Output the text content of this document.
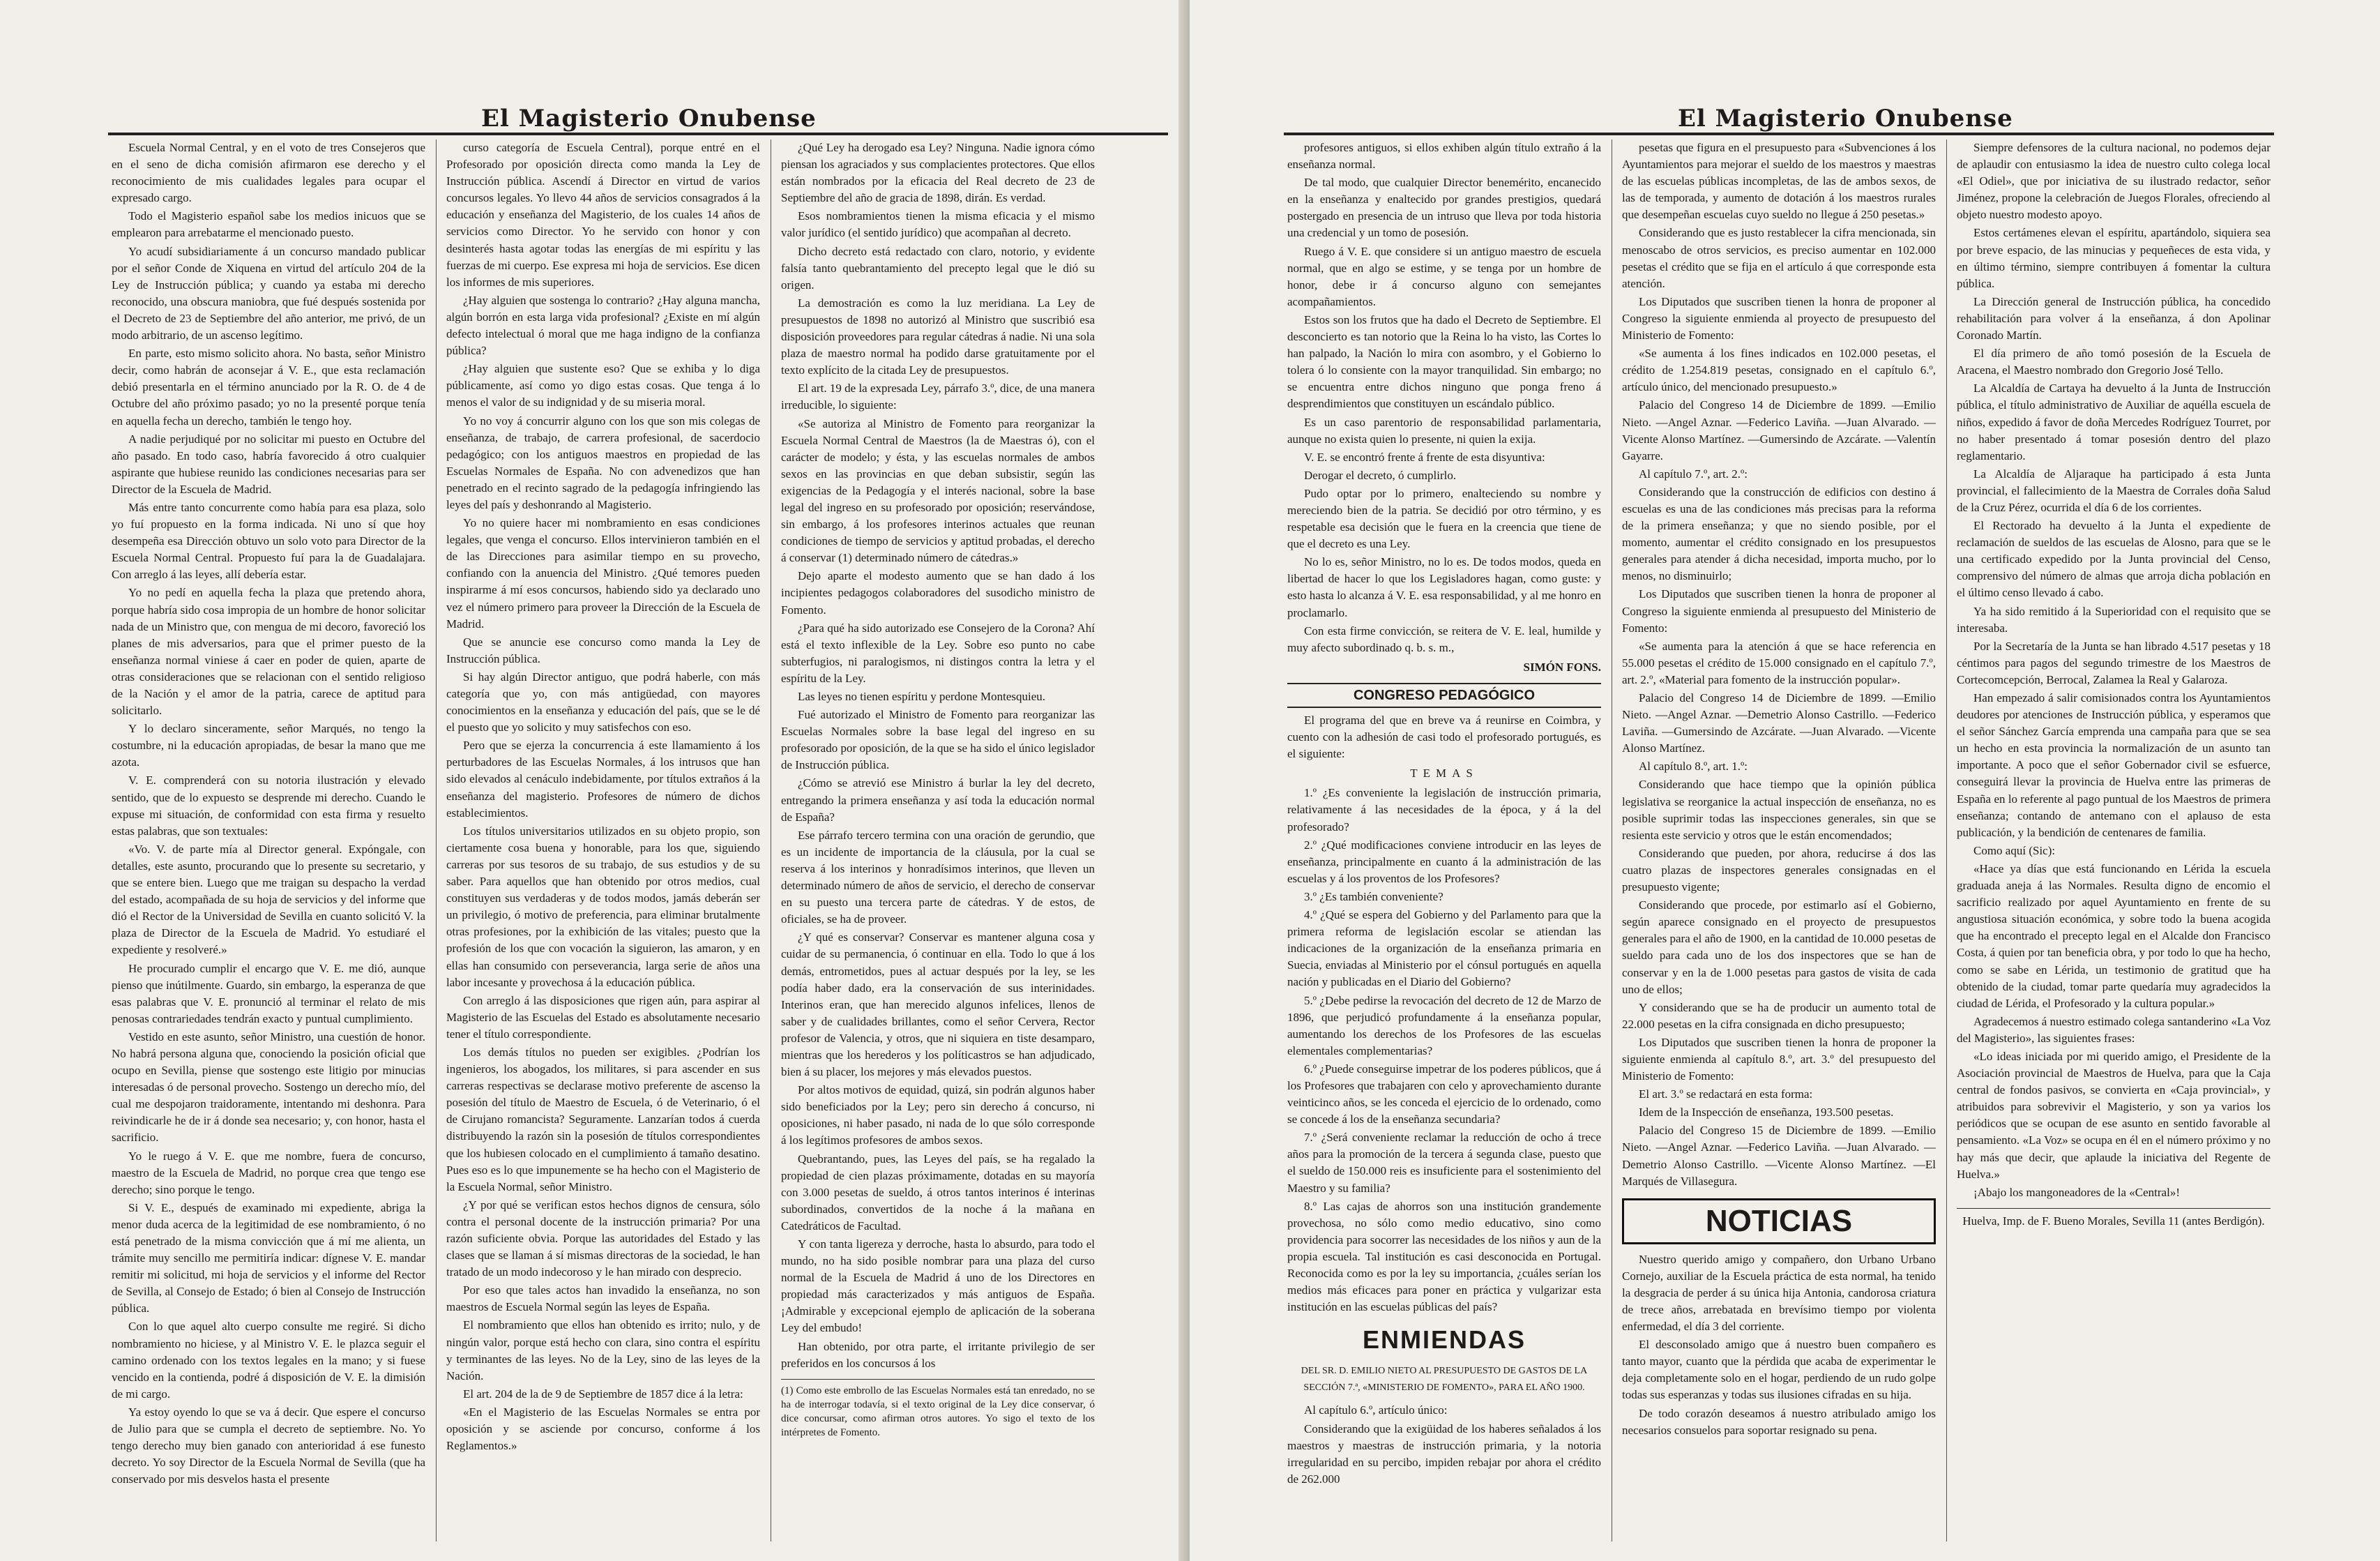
El Magisterio Onubense

Escuela Normal Central, y en el voto de tres Consejeros que en el seno de dicha comisión afirmaron ese derecho y el reconocimiento de mis cualidades legales para ocupar el expresado cargo.

Todo el Magisterio español sabe los medios inicuos que se emplearon para arrebatarme el mencionado puesto.

Yo acudí subsidiariamente á un concurso mandado publicar por el señor Conde de Xiquena en virtud del artículo 204 de la Ley de Instrucción pública; y cuando ya estaba mi derecho reconocido, una obscura maniobra, que fué después sostenida por el Decreto de 23 de Septiembre del año anterior, me privó, de un modo arbitrario, de un ascenso legítimo.

En parte, esto mismo solicito ahora. No basta, señor Ministro decir, como habrán de aconsejar á V. E., que esta reclamación debió presentarla en el término anunciado por la R. O. de 4 de Octubre del año próximo pasado; yo no la presenté porque tenía en aquella fecha un derecho, también le tengo hoy.

A nadie perjudiqué por no solicitar mi puesto en Octubre del año pasado. En todo caso, habría favorecido á otro cualquier aspirante que hubiese reunido las condiciones necesarias para ser Director de la Escuela de Madrid.

Más entre tanto concurrente como había para esa plaza, solo yo fuí propuesto en la forma indicada. Ni uno sí que hoy desempeña esa Dirección obtuvo un solo voto para Director de la Escuela Normal Central. Propuesto fuí para la de Guadalajara. Con arreglo á las leyes, allí debería estar.

Yo no pedí en aquella fecha la plaza que pretendo ahora, porque habría sido cosa impropia de un hombre de honor solicitar nada de un Ministro que, con mengua de mi decoro, favoreció los planes de mis adversarios, para que el primer puesto de la enseñanza normal viniese á caer en poder de quien, aparte de otras consideraciones que se relacionan con el sentido religioso de la Nación y el amor de la patria, carece de aptitud para solicitarlo.

Y lo declaro sinceramente, señor Marqués, no tengo la costumbre, ni la educación apropiadas, de besar la mano que me azota.

V. E. comprenderá con su notoria ilustración y elevado sentido, que de lo expuesto se desprende mi derecho. Cuando le expuse mi situación, de conformidad con esta firma y resuelto estas palabras, que son textuales:

«Vo. V. de parte mía al Director general. Expóngale, con detalles, este asunto, procurando que lo presente su secretario, y que se entere bien. Luego que me traigan su despacho la verdad del estado, acompañada de su hoja de servicios y del informe que dió el Rector de la Universidad de Sevilla en cuanto solicitó V. la plaza de Director de la Escuela de Madrid. Yo estudiaré el expediente y resolveré.»

He procurado cumplir el encargo que V. E. me dió, aunque pienso que inútilmente. Guardo, sin embargo, la esperanza de que esas palabras que V. E. pronunció al terminar el relato de mis penosas contrariedades tendrán exacto y puntual cumplimiento.

Vestido en este asunto, señor Ministro, una cuestión de honor. No habrá persona alguna que, conociendo la posición oficial que ocupo en Sevilla, piense que sostengo este litigio por minucias interesadas ó de personal provecho. Sostengo un derecho mío, del cual me despojaron traidoramente, intentando mi deshonra. Para reivindicarle he de ir á donde sea necesario; y, con honor, hasta el sacrificio.

Yo le ruego á V. E. que me nombre, fuera de concurso, maestro de la Escuela de Madrid, no porque crea que tengo ese derecho; sino porque le tengo.

Si V. E., después de examinado mi expediente, abriga la menor duda acerca de la legitimidad de ese nombramiento, ó no está penetrado de la misma convicción que á mí me alienta, un trámite muy sencillo me permitiría indicar: dígnese V. E. mandar remitir mi solicitud, mi hoja de servicios y el informe del Rector de Sevilla, al Consejo de Estado; ó bien al Consejo de Instrucción pública.

Con lo que aquel alto cuerpo consulte me regiré. Si dicho nombramiento no hiciese, y al Ministro V. E. le plazca seguir el camino ordenado con los textos legales en la mano; y si fuese vencido en la contienda, podré á disposición de V. E. la dimisión de mi cargo.

Ya estoy oyendo lo que se va á decir. Que espere el concurso de Julio para que se cumpla el decreto de septiembre. No. Yo tengo derecho muy bien ganado con anterioridad á ese funesto decreto. Yo soy Director de la Escuela Normal de Sevilla (que ha conservado por mis desvelos hasta el presente

curso categoría de Escuela Central), porque entré en el Profesorado por oposición directa como manda la Ley de Instrucción pública. Ascendí á Director en virtud de varios concursos legales. Yo llevo 44 años de servicios consagrados á la educación y enseñanza del Magisterio, de los cuales 14 años de servicios como Director. Yo he servido con honor y con desinterés hasta agotar todas las energías de mi espíritu y las fuerzas de mi cuerpo. Ese expresa mi hoja de servicios. Ese dicen los informes de mis superiores.

¿Hay alguien que sostenga lo contrario? ¿Hay alguna mancha, algún borrón en esta larga vida profesional? ¿Existe en mí algún defecto intelectual ó moral que me haga indigno de la confianza pública?

¿Hay alguien que sustente eso? Que se exhiba y lo diga públicamente, así como yo digo estas cosas. Que tenga á lo menos el valor de su indignidad y de su miseria moral.

Yo no voy á concurrir alguno con los que son mis colegas de enseñanza, de trabajo, de carrera profesional, de sacerdocio pedagógico; con los antiguos maestros en propiedad de las Escuelas Normales de España. No con advenedizos que han penetrado en el recinto sagrado de la pedagogía infringiendo las leyes del país y deshonrando al Magisterio.

Yo no quiere hacer mi nombramiento en esas condiciones legales, que venga el concurso. Ellos intervinieron también en el de las Direcciones para asimilar tiempo en su provecho, confiando con la anuencia del Ministro. ¿Qué temores pueden inspirarme á mí esos concursos, habiendo sido ya declarado uno vez el número primero para proveer la Dirección de la Escuela de Madrid.

Que se anuncie ese concurso como manda la Ley de Instrucción pública.

Si hay algún Director antiguo, que podrá haberle, con más categoría que yo, con más antigüedad, con mayores conocimientos en la enseñanza y educación del país, que se le dé el puesto que yo solicito y muy satisfechos con eso.

Pero que se ejerza la concurrencia á este llamamiento á los perturbadores de las Escuelas Normales, á los intrusos que han sido elevados al cenáculo indebidamente, por títulos extraños á la enseñanza del magisterio. Profesores de número de dichos establecimientos.

Los títulos universitarios utilizados en su objeto propio, son ciertamente cosa buena y honorable, para los que, siguiendo carreras por sus tesoros de su trabajo, de sus estudios y de su saber. Para aquellos que han obtenido por otros medios, cual constituyen sus verdaderas y de todos modos, jamás deberán ser un privilegio, ó motivo de preferencia, para eliminar brutalmente otras profesiones, por la exhibición de las vitales; puesto que la profesión de los que con vocación la siguieron, las amaron, y en ellas han consumido con perseverancia, larga serie de años una labor incesante y provechosa á la educación pública.

Con arreglo á las disposiciones que rigen aún, para aspirar al Magisterio de las Escuelas del Estado es absolutamente necesario tener el título correspondiente.

Los demás títulos no pueden ser exigibles. ¿Podrían los ingenieros, los abogados, los militares, si para ascender en sus carreras respectivas se declarase motivo preferente de ascenso la posesión del título de Maestro de Escuela, ó de Veterinario, ó el de Cirujano romancista? Seguramente. Lanzarían todos á cuerda distribuyendo la razón sin la posesión de títulos correspondientes que los hubiesen colocado en el cumplimiento á tamaño desatino. Pues eso es lo que impunemente se ha hecho con el Magisterio de la Escuela Normal, señor Ministro.

¿Y por qué se verifican estos hechos dignos de censura, sólo contra el personal docente de la instrucción primaria? Por una razón suficiente obvia. Porque las autoridades del Estado y las clases que se llaman á sí mismas directoras de la sociedad, le han tratado de un modo indecoroso y le han mirado con desprecio.

Por eso que tales actos han invadido la enseñanza, no son maestros de Escuela Normal según las leyes de España.

El nombramiento que ellos han obtenido es irrito; nulo, y de ningún valor, porque está hecho con clara, sino contra el espíritu y terminantes de las leyes. No de la Ley, sino de las leyes de la Nación.

El art. 204 de la de 9 de Septiembre de 1857 dice á la letra:

«En el Magisterio de las Escuelas Normales se entra por oposición y se asciende por concurso, conforme á los Reglamentos.»

¿Qué Ley ha derogado esa Ley? Ninguna. Nadie ignora cómo piensan los agraciados y sus complacientes protectores. Que ellos están nombrados por la eficacia del Real decreto de 23 de Septiembre del año de gracia de 1898, dirán. Es verdad.

Esos nombramientos tienen la misma eficacia y el mismo valor jurídico (el sentido jurídico) que acompañan al decreto.

Dicho decreto está redactado con claro, notorio, y evidente falsía tanto quebrantamiento del precepto legal que le dió su origen.

La demostración es como la luz meridiana. La Ley de presupuestos de 1898 no autorizó al Ministro que suscribió esa disposición proveedores para regular cátedras á nadie. Ni una sola plaza de maestro normal ha podido darse gratuitamente por el texto explícito de la citada Ley de presupuestos.

El art. 19 de la expresada Ley, párrafo 3.º, dice, de una manera irreducible, lo siguiente:

«Se autoriza al Ministro de Fomento para reorganizar la Escuela Normal Central de Maestros (la de Maestras ó), con el carácter de modelo; y ésta, y las escuelas normales de ambos sexos en las provincias en que deban subsistir, según las exigencias de la Pedagogía y el interés nacional, sobre la base legal del ingreso en su profesorado por oposición; reservándose, sin embargo, á los profesores interinos actuales que reunan condiciones de tiempo de servicios y aptitud probadas, el derecho á conservar (1) determinado número de cátedras.»

Dejo aparte el modesto aumento que se han dado á los incipientes pedagogos colaboradores del susodicho ministro de Fomento.

¿Para qué ha sido autorizado ese Consejero de la Corona? Ahí está el texto inflexible de la Ley. Sobre eso punto no cabe subterfugios, ni paralogismos, ni distingos contra la letra y el espíritu de la Ley.

Las leyes no tienen espíritu y perdone Montesquieu.

Fué autorizado el Ministro de Fomento para reorganizar las Escuelas Normales sobre la base legal del ingreso en su profesorado por oposición, de la que se ha sido el único legislador de Instrucción pública.

¿Cómo se atrevió ese Ministro á burlar la ley del decreto, entregando la primera enseñanza y así toda la educación normal de España?

Ese párrafo tercero termina con una oración de gerundio, que es un incidente de importancia de la cláusula, por la cual se reserva á los interinos y honradísimos interinos, que lleven un determinado número de años de servicio, el derecho de conservar en su puesto una tercera parte de cátedras. Y de estos, de oficiales, se ha de proveer.

¿Y qué es conservar? Conservar es mantener alguna cosa y cuidar de su permanencia, ó continuar en ella. Todo lo que á los demás, entrometidos, pues al actuar después por la ley, se les podía haber dado, era la conservación de sus interinidades. Interinos eran, que han merecido algunos infelices, llenos de saber y de cualidades brillantes, como el señor Cervera, Rector profesor de Valencia, y otros, que ni siquiera en tiste desamparo, mientras que los herederos y los políticastros se han adjudicado, bien á su placer, los mejores y más elevados puestos.

Por altos motivos de equidad, quizá, sin podrán algunos haber sido beneficiados por la Ley; pero sin derecho á concurso, ni oposiciones, ni haber pasado, ni nada de lo que sólo corresponde á los legítimos profesores de ambos sexos.

Quebrantando, pues, las Leyes del país, se ha regalado la propiedad de cien plazas próximamente, dotadas en su mayoría con 3.000 pesetas de sueldo, á otros tantos interinos é interinas subordinados, convertidos de la noche á la mañana en Catedráticos de Facultad.

Y con tanta ligereza y derroche, hasta lo absurdo, para todo el mundo, no ha sido posible nombrar para una plaza del curso normal de la Escuela de Madrid á uno de los Directores en propiedad más caracterizados y más antiguos de España. ¡Admirable y excepcional ejemplo de aplicación de la soberana Ley del embudo!

Han obtenido, por otra parte, el irritante privilegio de ser preferidos en los concursos á los

(1) Como este embrollo de las Escuelas Normales está tan enredado, no se ha de interrogar todavía, si el texto original de la Ley dice conservar, ó dice concursar, como afirman otros autores. Yo sigo el texto de los intérpretes de Fomento.
El Magisterio Onubense

profesores antiguos, si ellos exhiben algún título extraño á la enseñanza normal.

De tal modo, que cualquier Director benemérito, encanecido en la enseñanza y enaltecido por grandes prestigios, quedará postergado en presencia de un intruso que lleva por toda historia una credencial y un tomo de posesión.

Ruego á V. E. que considere si un antiguo maestro de escuela normal, que en algo se estime, y se tenga por un hombre de honor, debe ir á concurso alguno con semejantes acompañamientos.

Estos son los frutos que ha dado el Decreto de Septiembre. El desconcierto es tan notorio que la Reina lo ha visto, las Cortes lo han palpado, la Nación lo mira con asombro, y el Gobierno lo tolera ó lo consiente con la mayor tranquilidad. Sin embargo; no se encuentra entre dichos ninguno que ponga freno á desprendimientos que constituyen un escándalo público.

Es un caso parentorio de responsabilidad parlamentaria, aunque no exista quien lo presente, ni quien la exija.

V. E. se encontró frente á frente de esta disyuntiva:

Derogar el decreto, ó cumplirlo.

Pudo optar por lo primero, enalteciendo su nombre y mereciendo bien de la patria. Se decidió por otro término, y es respetable esa decisión que le fuera en la creencia que tiene de que el decreto es una Ley.

No lo es, señor Ministro, no lo es. De todos modos, queda en libertad de hacer lo que los Legisladores hagan, como guste: y esto hasta lo alcanza á V. E. esa responsabilidad, y al me honro en proclamarlo.

Con esta firme convicción, se reitera de V. E. leal, humilde y muy afecto subordinado q. b. s. m.,

SIMÓN FONS.
CONGRESO PEDAGÓGICO

El programa del que en breve va á reunirse en Coimbra, y cuento con la adhesión de casi todo el profesorado portugués, es el siguiente:

TEMAS

1.º ¿Es conveniente la legislación de instrucción primaria, relativamente á las necesidades de la época, y á la del profesorado?

2.º ¿Qué modificaciones conviene introducir en las leyes de enseñanza, principalmente en cuanto á la administración de las escuelas y á los proventos de los Profesores?

3.º ¿Es también conveniente?

4.º ¿Qué se espera del Gobierno y del Parlamento para que la primera reforma de legislación escolar se atiendan las indicaciones de la organización de la enseñanza primaria en Suecia, enviadas al Ministerio por el cónsul portugués en aquella nación y publicadas en el Diario del Gobierno?

5.º ¿Debe pedirse la revocación del decreto de 12 de Marzo de 1896, que perjudicó profundamente á la enseñanza popular, aumentando los derechos de los Profesores de las escuelas elementales complementarias?

6.º ¿Puede conseguirse impetrar de los poderes públicos, que á los Profesores que trabajaren con celo y aprovechamiento durante veinticinco años, se les conceda el ejercicio de lo ordenado, como se concede á los de la enseñanza secundaria?

7.º ¿Será conveniente reclamar la reducción de ocho á trece años para la promoción de la tercera á segunda clase, puesto que el sueldo de 150.000 reis es insuficiente para el sostenimiento del Maestro y su familia?

8.º Las cajas de ahorros son una institución grandemente provechosa, no sólo como medio educativo, sino como providencia para socorrer las necesidades de los niños y aun de la propia escuela. Tal institución es casi desconocida en Portugal. Reconocida como es por la ley su importancia, ¿cuáles serían los medios más eficaces para poner en práctica y vulgarizar esta institución en las escuelas públicas del país?

ENMIENDAS
DEL SR. D. EMILIO NIETO AL PRESUPUESTO DE GASTOS DE LA SECCIÓN 7.ª, «MINISTERIO DE FOMENTO», PARA EL AÑO 1900.

Al capítulo 6.º, artículo único:

Considerando que la exigüidad de los haberes señalados á los maestros y maestras de instrucción primaria, y la notoria irregularidad en su percibo, impiden rebajar por ahora el crédito de 262.000

pesetas que figura en el presupuesto para «Subvenciones á los Ayuntamientos para mejorar el sueldo de los maestros y maestras de las escuelas públicas incompletas, de las de ambos sexos, de las de temporada, y aumento de dotación á los maestros rurales que desempeñan escuelas cuyo sueldo no llegue á 250 pesetas.»

Considerando que es justo restablecer la cifra mencionada, sin menoscabo de otros servicios, es preciso aumentar en 102.000 pesetas el crédito que se fija en el artículo á que corresponde esta atención.

Los Diputados que suscriben tienen la honra de proponer al Congreso la siguiente enmienda al proyecto de presupuesto del Ministerio de Fomento:

«Se aumenta á los fines indicados en 102.000 pesetas, el crédito de 1.254.819 pesetas, consignado en el capítulo 6.º, artículo único, del mencionado presupuesto.»

Palacio del Congreso 14 de Diciembre de 1899. —Emilio Nieto. —Angel Aznar. —Federico Laviña. —Juan Alvarado. —Vicente Alonso Martínez. —Gumersindo de Azcárate. —Valentín Gayarre.

Al capítulo 7.º, art. 2.º:

Considerando que la construcción de edificios con destino á escuelas es una de las condiciones más precisas para la reforma de la primera enseñanza; y que no siendo posible, por el momento, aumentar el crédito consignado en los presupuestos generales para atender á dicha necesidad, importa mucho, por lo menos, no disminuirlo;

Los Diputados que suscriben tienen la honra de proponer al Congreso la siguiente enmienda al presupuesto del Ministerio de Fomento:

«Se aumenta para la atención á que se hace referencia en 55.000 pesetas el crédito de 15.000 consignado en el capítulo 7.º, art. 2.º, «Material para fomento de la instrucción popular».

Palacio del Congreso 14 de Diciembre de 1899. —Emilio Nieto. —Angel Aznar. —Demetrio Alonso Castrillo. —Federico Laviña. —Gumersindo de Azcárate. —Juan Alvarado. —Vicente Alonso Martínez.

Al capítulo 8.º, art. 1.º:

Considerando que hace tiempo que la opinión pública legislativa se reorganice la actual inspección de enseñanza, no es posible suprimir todas las inspecciones generales, sin que se resienta este servicio y otros que le están encomendados;

Considerando que pueden, por ahora, reducirse á dos las cuatro plazas de inspectores generales consignadas en el presupuesto vigente;

Considerando que procede, por estimarlo así el Gobierno, según aparece consignado en el proyecto de presupuestos generales para el año de 1900, en la cantidad de 10.000 pesetas de sueldo para cada uno de los dos inspectores que se han de conservar y en la de 1.000 pesetas para gastos de visita de cada uno de ellos;

Y considerando que se ha de producir un aumento total de 22.000 pesetas en la cifra consignada en dicho presupuesto;

Los Diputados que suscriben tienen la honra de proponer la siguiente enmienda al capítulo 8.º, art. 3.º del presupuesto del Ministerio de Fomento:

El art. 3.º se redactará en esta forma:

Idem de la Inspección de enseñanza, 193.500 pesetas.

Palacio del Congreso 15 de Diciembre de 1899. —Emilio Nieto. —Angel Aznar. —Federico Laviña. —Juan Alvarado. —Demetrio Alonso Castrillo. —Vicente Alonso Martínez. —El Marqués de Villasegura.

NOTICIAS

Nuestro querido amigo y compañero, don Urbano Urbano Cornejo, auxiliar de la Escuela práctica de esta normal, ha tenido la desgracia de perder á su única hija Antonia, candorosa criatura de trece años, arrebatada en brevísimo tiempo por violenta enfermedad, el día 3 del corriente.

El desconsolado amigo que á nuestro buen compañero es tanto mayor, cuanto que la pérdida que acaba de experimentar le deja completamente solo en el hogar, perdiendo de un rudo golpe todas sus esperanzas y todas sus ilusiones cifradas en su hija.

De todo corazón deseamos á nuestro atribulado amigo los necesarios consuelos para soportar resignado su pena.

Siempre defensores de la cultura nacional, no podemos dejar de aplaudir con entusiasmo la idea de nuestro culto colega local «El Odiel», que por iniciativa de su ilustrado redactor, señor Jiménez, propone la celebración de Juegos Florales, ofreciendo al objeto nuestro modesto apoyo.

Estos certámenes elevan el espíritu, apartándolo, siquiera sea por breve espacio, de las minucias y pequeñeces de esta vida, y en último término, siempre contribuyen á fomentar la cultura pública.

La Dirección general de Instrucción pública, ha concedido rehabilitación para volver á la enseñanza, á don Apolinar Coronado Martín.

El día primero de año tomó posesión de la Escuela de Aracena, el Maestro nombrado don Gregorio José Tello.

La Alcaldía de Cartaya ha devuelto á la Junta de Instrucción pública, el título administrativo de Auxiliar de aquélla escuela de niños, expedido á favor de doña Mercedes Rodríguez Tourret, por no haber presentado á tomar posesión dentro del plazo reglamentario.

La Alcaldía de Aljaraque ha participado á esta Junta provincial, el fallecimiento de la Maestra de Corrales doña Salud de la Cruz Pérez, ocurrida el día 6 de los corrientes.

El Rectorado ha devuelto á la Junta el expediente de reclamación de sueldos de las escuelas de Alosno, para que se le una certificado expedido por la Junta provincial del Censo, comprensivo del número de almas que arroja dicha población en el último censo llevado á cabo.

Ya ha sido remitido á la Superioridad con el requisito que se interesaba.

Por la Secretaría de la Junta se han librado 4.517 pesetas y 18 céntimos para pagos del segundo trimestre de los Maestros de Cortecomcepción, Berrocal, Zalamea la Real y Galaroza.

Han empezado á salir comisionados contra los Ayuntamientos deudores por atenciones de Instrucción pública, y esperamos que el señor Sánchez García emprenda una campaña para que se sea un hecho en esta provincia la normalización de un asunto tan importante. A poco que el señor Gobernador civil se esfuerce, conseguirá llevar la provincia de Huelva entre las primeras de España en lo referente al pago puntual de los Maestros de primera enseñanza; contando de antemano con el aplauso de esta publicación, y la bendición de centenares de familia.

Como aquí (Sic):

«Hace ya días que está funcionando en Lérida la escuela graduada aneja á las Normales. Resulta digno de encomio el sacrificio realizado por aquel Ayuntamiento en frente de su angustiosa situación económica, y sobre todo la buena acogida que ha encontrado el precepto legal en el Alcalde don Francisco Costa, á quien por tan beneficia obra, y por todo lo que ha hecho, como se sabe en Lérida, un testimonio de gratitud que ha obtenido de la ciudad, tomar parte quedaría muy agradecidos la ciudad de Lérida, el Profesorado y la cultura popular.»

Agradecemos á nuestro estimado colega santanderino «La Voz del Magisterio», las siguientes frases:

«Lo ideas iniciada por mi querido amigo, el Presidente de la Asociación provincial de Maestros de Huelva, para que la Caja central de fondos pasivos, se convierta en «Caja provincial», y atribuidos para sobrevivir el Magisterio, y son ya varios los periódicos que se ocupan de ese asunto en sentido favorable al pensamiento. «La Voz» se ocupa en él en el número próximo y no hay más que decir, que aplaude la iniciativa del Regente de Huelva.»

¡Abajo los mangoneadores de la «Central»!

Huelva, Imp. de F. Bueno Morales, Sevilla 11 (antes Berdigón).
